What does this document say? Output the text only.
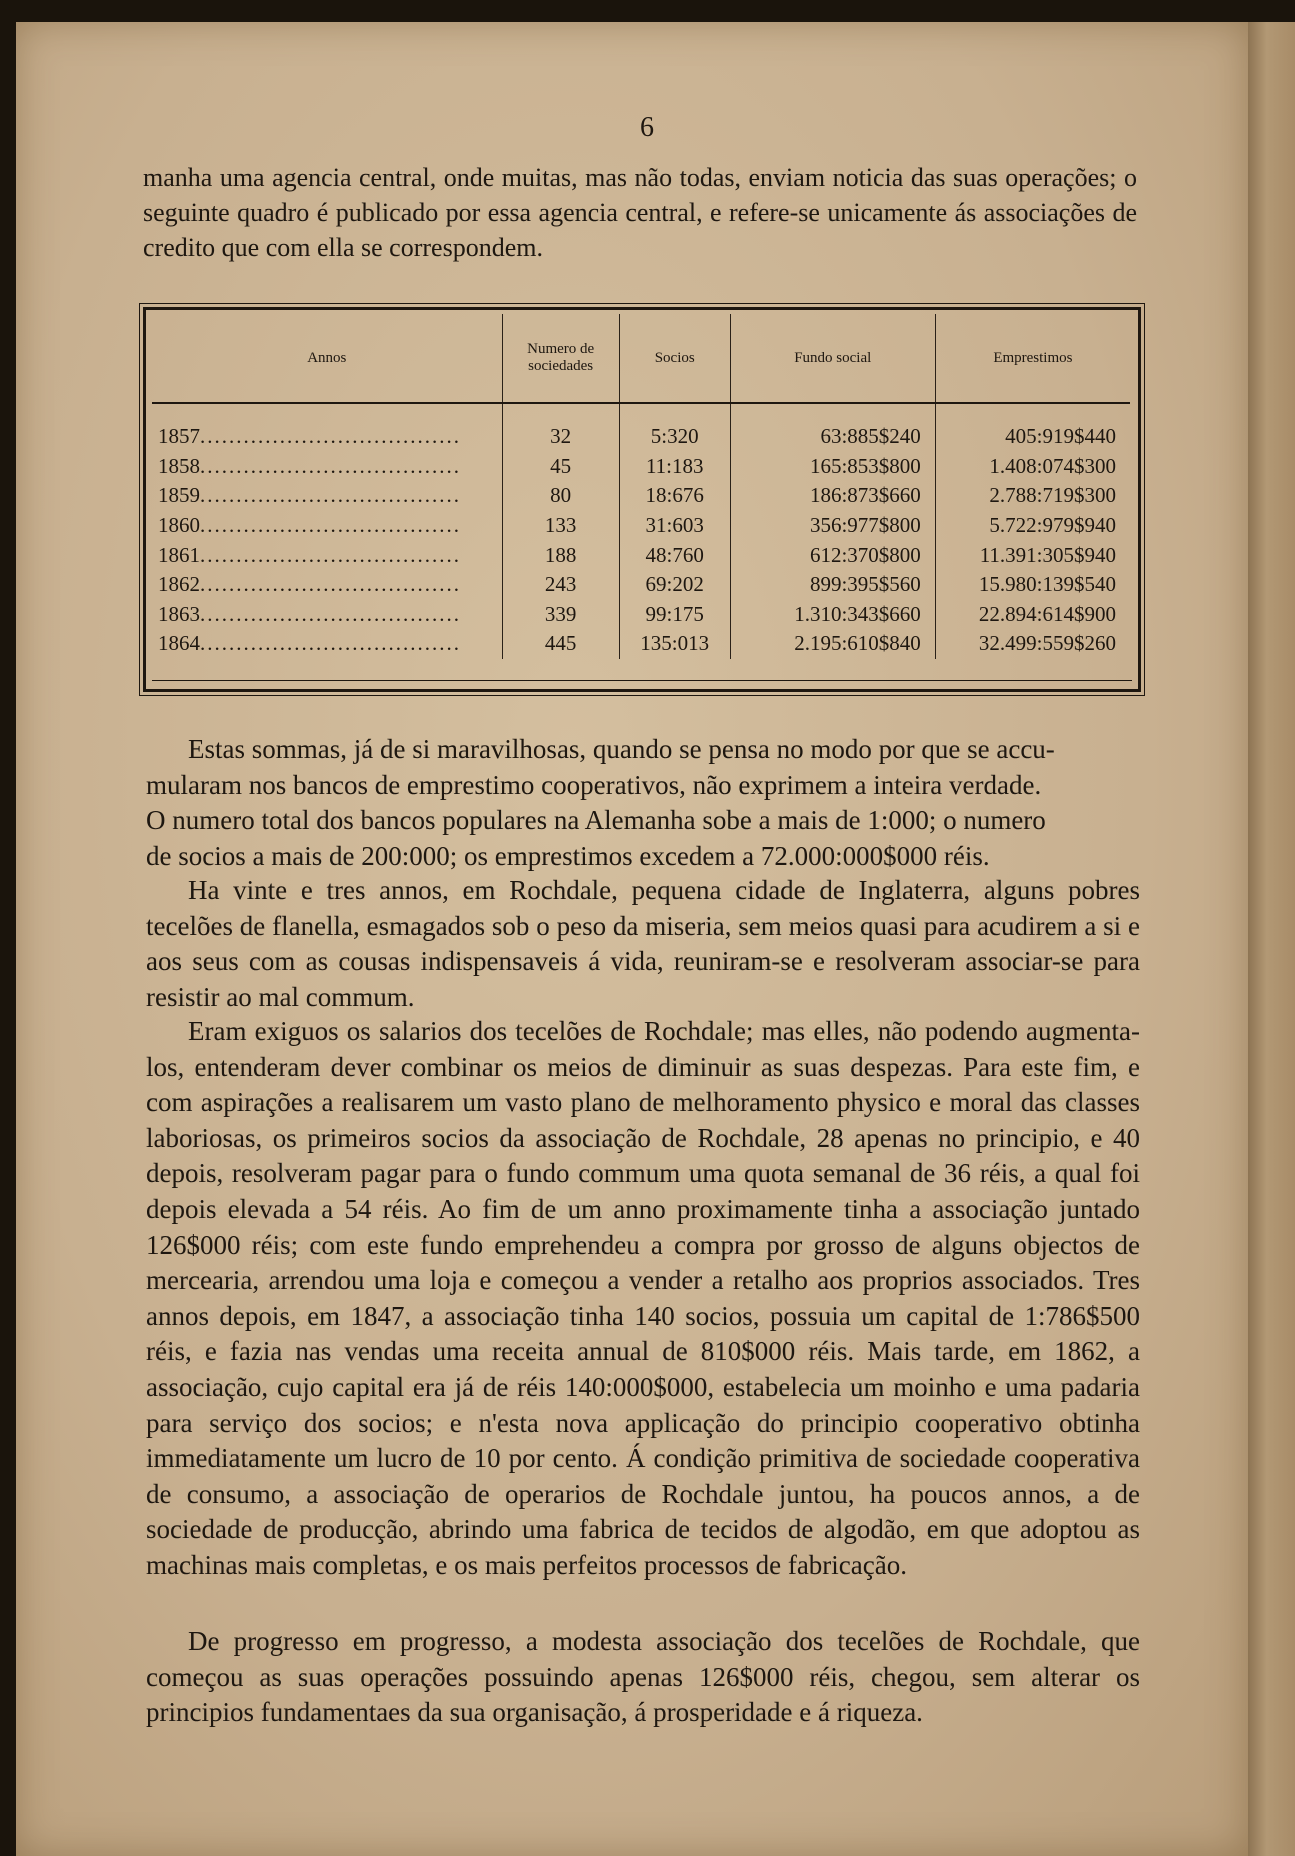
6

manha uma agencia central, onde muitas, mas não todas, enviam noticia das suas operações; o seguinte quadro é publicado por essa agencia central, e refere-se unicamente ás associações de credito que com ella se correspondem.

Annos	Numero de sociedades	Socios	Fundo social	Emprestimos

1857 .....	32	5:320	63:885$240	405:919$440

1858 .....	45	11:183	165:853$800	1.408:074$300

1859 .....	80	18:676	186:873$660	2.788:719$300

1860 .....	133	31:603	356:977$800	5.722:979$940

1861 .....	188	48:760	612:370$800	11.391:305$940

1862 .....	243	69:202	899:395$560	15.980:139$540

1863 .....	339	99:175	1.310:343$660	22.894:614$900

1864 .....	445	135:013	2.195:610$840	32.499:559$260
Estas sommas, já de si maravilhosas, quando se pensa no modo por que se accu-
mularam nos bancos de emprestimo cooperativos, não exprimem a inteira verdade.
O numero total dos bancos populares na Alemanha sobe a mais de 1:000; o numero
de socios a mais de 200:000; os emprestimos excedem a 72.000:000$000 réis.

Ha vinte e tres annos, em Rochdale, pequena cidade de Inglaterra, alguns pobres tecelões de flanella, esmagados sob o peso da miseria, sem meios quasi para acudirem a si e aos seus com as cousas indispensaveis á vida, reuniram-se e resolveram associar-se para resistir ao mal commum.

Eram exiguos os salarios dos tecelões de Rochdale; mas elles, não podendo augmenta-los, entenderam dever combinar os meios de diminuir as suas despezas. Para este fim, e com aspirações a realisarem um vasto plano de melhoramento physico e moral das classes laboriosas, os primeiros socios da associação de Rochdale, 28 apenas no principio, e 40 depois, resolveram pagar para o fundo commum uma quota semanal de 36 réis, a qual foi depois elevada a 54 réis. Ao fim de um anno proximamente tinha a associação juntado 126$000 réis; com este fundo emprehendeu a compra por grosso de alguns objectos de mercearia, arrendou uma loja e começou a vender a retalho aos proprios associados. Tres annos depois, em 1847, a associação tinha 140 socios, possuia um capital de 1:786$500 réis, e fazia nas vendas uma receita annual de 810$000 réis. Mais tarde, em 1862, a associação, cujo capital era já de réis 140:000$000, estabelecia um moinho e uma padaria para serviço dos socios; e n'esta nova applicação do principio cooperativo obtinha immediatamente um lucro de 10 por cento. Á condição primitiva de sociedade cooperativa de consumo, a associação de operarios de Rochdale juntou, ha poucos annos, a de sociedade de producção, abrindo uma fabrica de tecidos de algodão, em que adoptou as machinas mais completas, e os mais perfeitos processos de fabricação.

De progresso em progresso, a modesta associação dos tecelões de Rochdale, que começou as suas operações possuindo apenas 126$000 réis, chegou, sem alterar os principios fundamentaes da sua organisação, á prosperidade e á riqueza.
